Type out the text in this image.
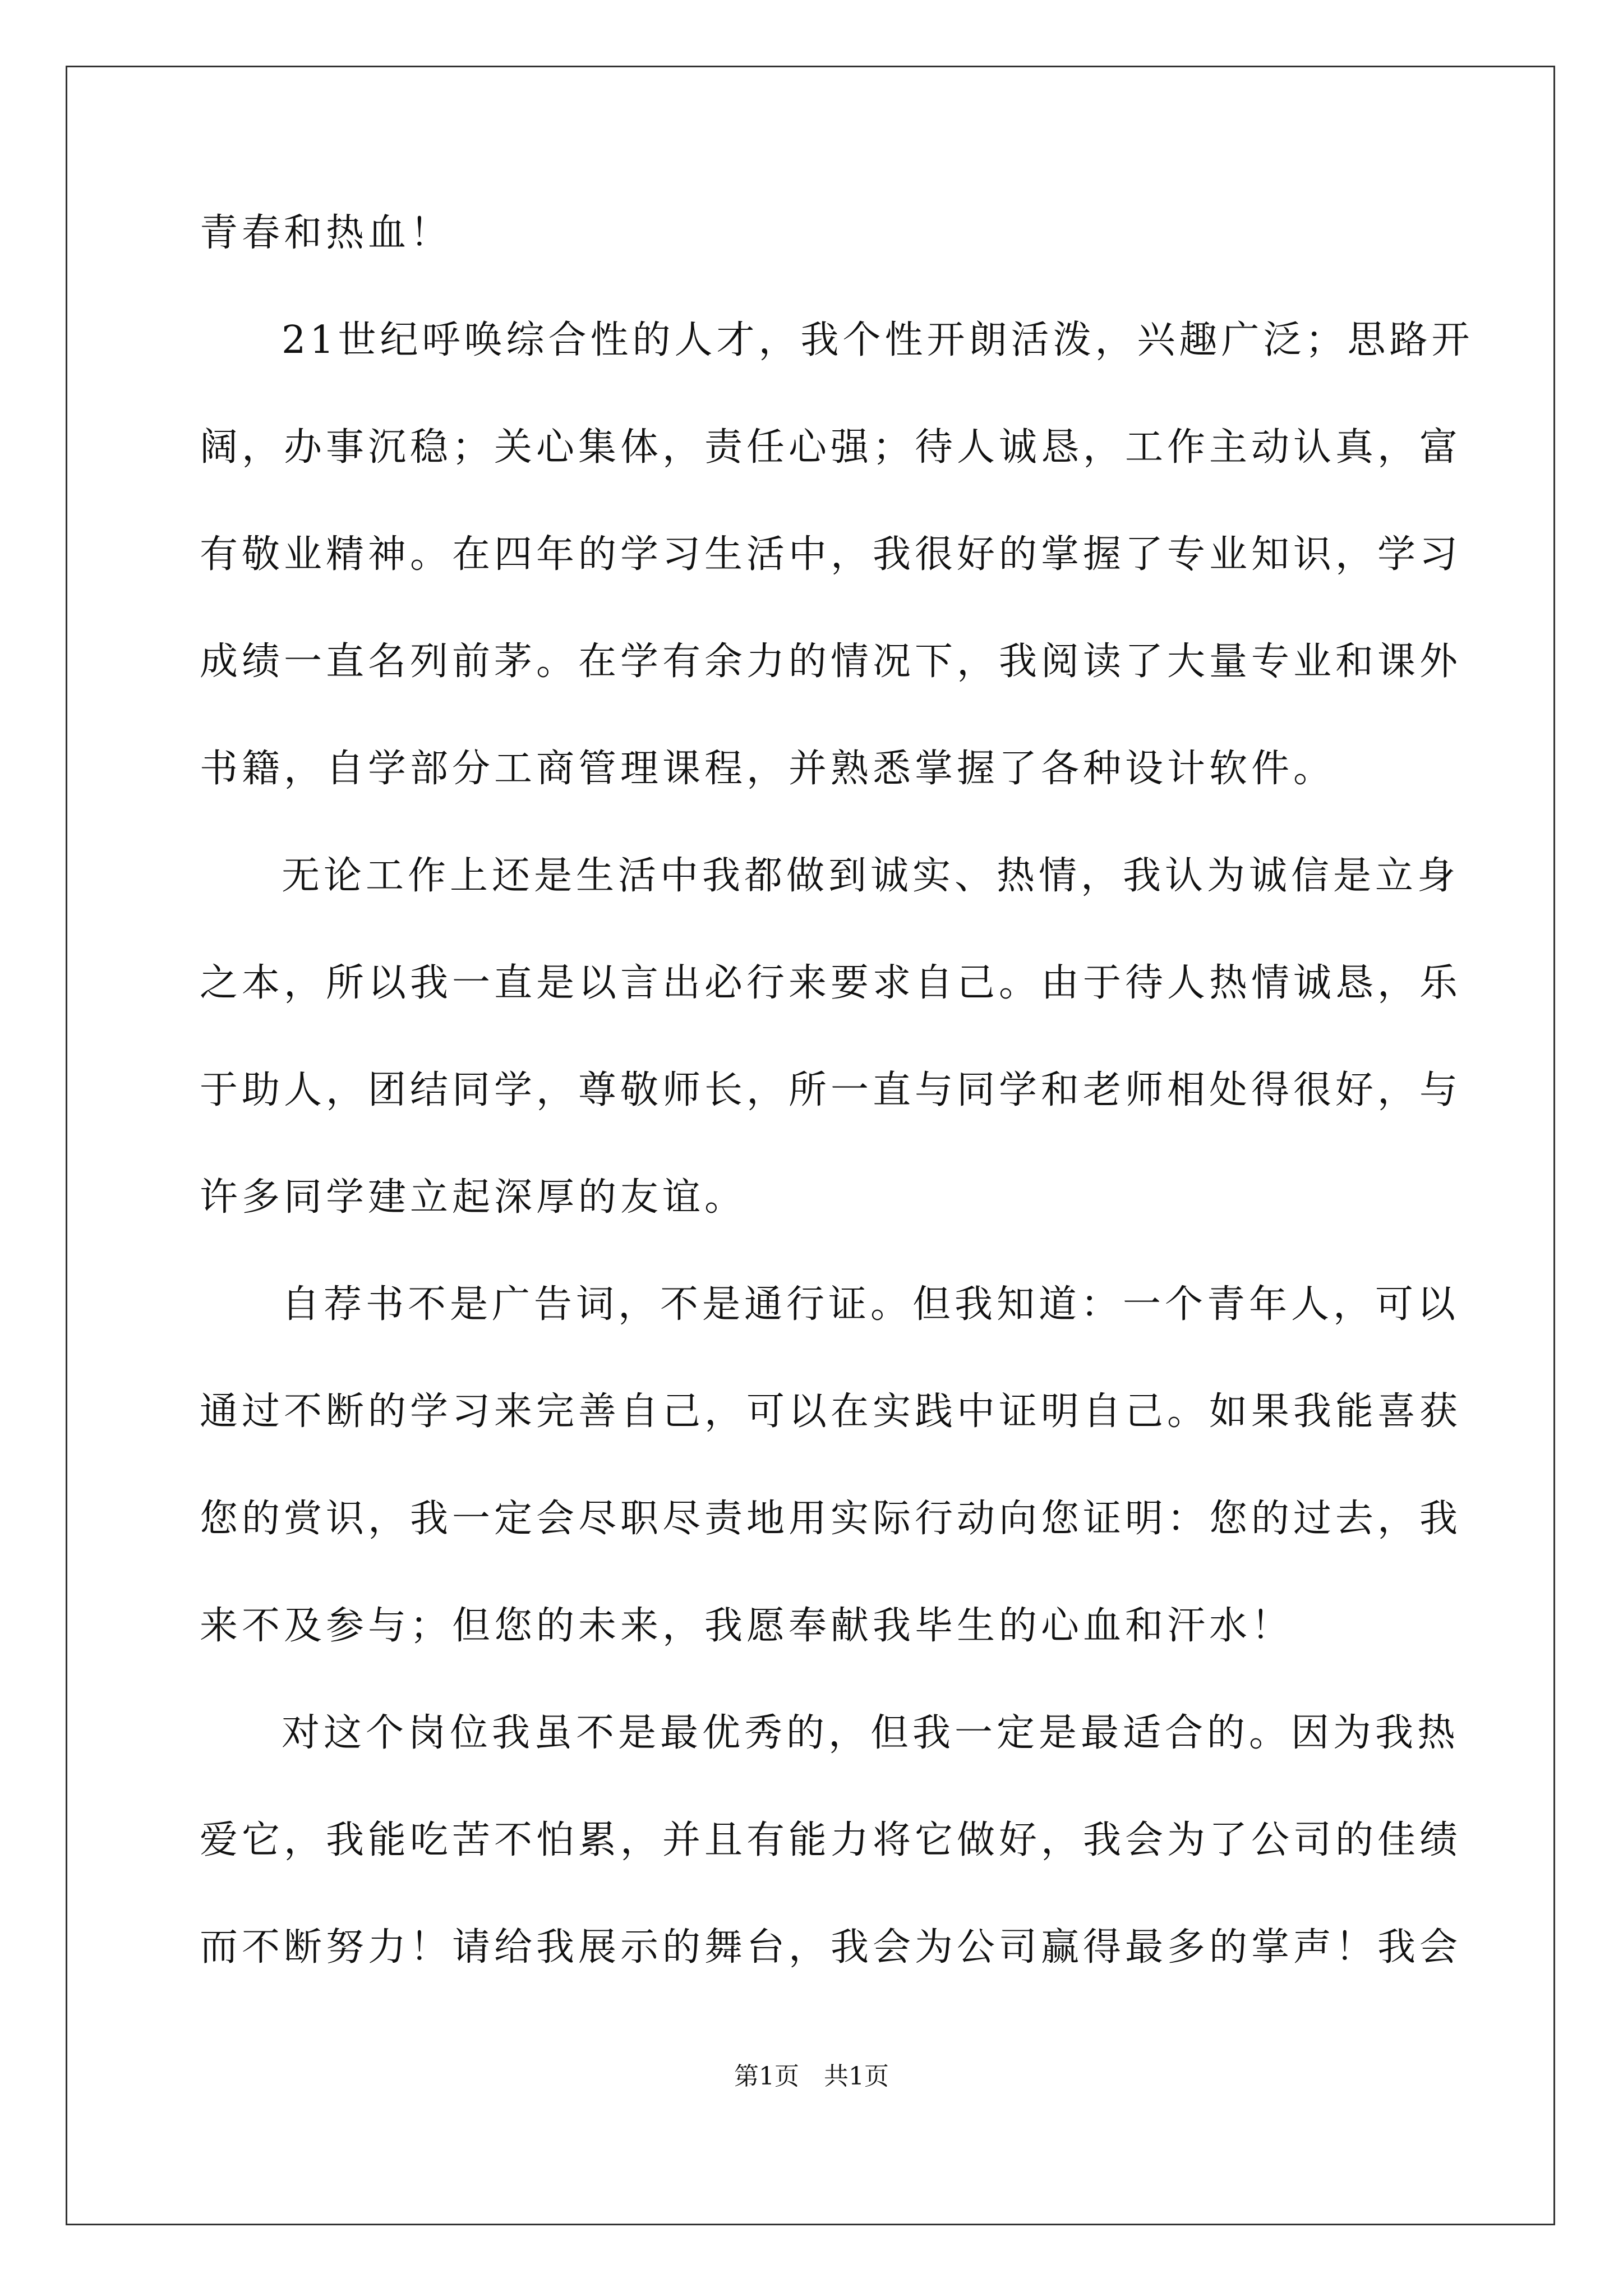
青春和热血！
21世纪呼唤综合性的人才，我个性开朗活泼，兴趣广泛；思路开
阔，办事沉稳；关心集体，责任心强；待人诚恳，工作主动认真，富
有敬业精神。在四年的学习生活中，我很好的掌握了专业知识，学习
成绩一直名列前茅。在学有余力的情况下，我阅读了大量专业和课外
书籍，自学部分工商管理课程，并熟悉掌握了各种设计软件。
无论工作上还是生活中我都做到诚实、热情，我认为诚信是立身
之本，所以我一直是以言出必行来要求自己。由于待人热情诚恳，乐
于助人，团结同学，尊敬师长，所一直与同学和老师相处得很好，与
许多同学建立起深厚的友谊。
自荐书不是广告词，不是通行证。但我知道：一个青年人，可以
通过不断的学习来完善自己，可以在实践中证明自己。如果我能喜获
您的赏识，我一定会尽职尽责地用实际行动向您证明：您的过去，我
来不及参与；但您的未来，我愿奉献我毕生的心血和汗水！
对这个岗位我虽不是最优秀的，但我一定是最适合的。因为我热
爱它，我能吃苦不怕累，并且有能力将它做好，我会为了公司的佳绩
而不断努力！请给我展示的舞台，我会为公司赢得最多的掌声！我会
第1页　共1页
